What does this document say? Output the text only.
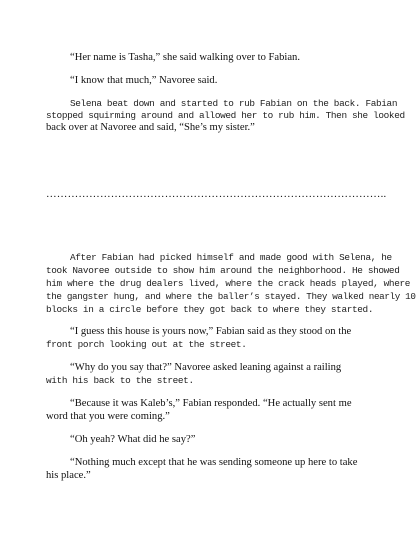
“Her name is Tasha,” she said walking over to Fabian.
“I know that much,” Navoree said.
Selena beat down and started to rub Fabian on the back. Fabian
stopped squirming around and allowed her to rub him. Then she looked
back over at Navoree and said, “She’s my sister.”
…………………………………………………………………………………..
After Fabian had picked himself and made good with Selena, he
took Navoree outside to show him around the neighborhood. He showed
him where the drug dealers lived, where the crack heads played, where
the gangster hung, and where the baller’s stayed. They walked nearly 10
blocks in a circle before they got back to where they started.
“I guess this house is yours now,” Fabian said as they stood on the
front porch looking out at the street.
“Why do you say that?” Navoree asked leaning against a railing
with his back to the street.
“Because it was Kaleb’s,” Fabian responded. “He actually sent me
word that you were coming.”
“Oh yeah? What did he say?”
“Nothing much except that he was sending someone up here to take
his place.”
